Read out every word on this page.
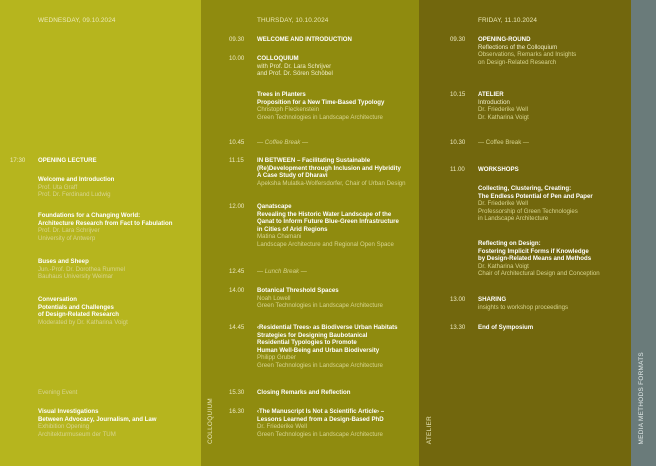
WEDNESDAY, 09.10.2024
17:30 OPENING LECTURE
Welcome and Introduction
Prof. Uta Graff
Prof. Dr. Ferdinand Ludwig
Foundations for a Changing World:
Architecture Research from Fact to Fabulation
Prof. Dr. Lara Schrijver
University of Antwerp
Buses and Sheep
Jun.-Prof. Dr. Dorothea Rummel
Bauhaus University Weimar
Conversation
Potentials and Challenges
of Design-Related Research
Moderated by Dr. Katharina Voigt
Evening Event
Visual Investigations
Between Advocacy, Journalism, and Law
Exhibition Opening
Architekturmuseum der TUM
THURSDAY, 10.10.2024
COLLOQUIUM
09.30 WELCOME AND INTRODUCTION
10.00 COLLOQUIUM
with Prof. Dr. Lara Schrijver
and Prof. Dr. Sören Schöbel
Trees in Planters
Proposition for a New Time-Based Typology
Christoph Fleckenstein
Green Technologies in Landscape Architecture
10.45 — Coffee Break —
11.15 IN BETWEEN – Facilitating Sustainable
(Re)Development through Inclusion and Hybridity
A Case Study of Dharavi
Apeksha Mulatka-Wolfersdorfer, Chair of Urban Design
12.00 Qanatscape
Revealing the Historic Water Landscape of the
Qanat to Inform Future Blue-Green Infrastructure
in Cities of Arid Regions
Matina Chamani
Landscape Architecture and Regional Open Space
12.45 — Lunch Break —
14.00 Botanical Threshold Spaces
Noah Lowell
Green Technologies in Landscape Architecture
14.45 ‹Residential Trees› as Biodiverse Urban Habitats
Strategies for Designing Baubotanical
Residential Typologies to Promote
Human Well-Being and Urban Biodiversity
Philipp Gruber
Green Technologies in Landscape Architecture
15.30 Closing Remarks and Reflection
16.30 ‹The Manuscript Is Not a Scientific Article› –
Lessons Learned from a Design-Based PhD
Dr. Friederike Well
Green Technologies in Landscape Architecture
FRIDAY, 11.10.2024
ATELIER
09.30 OPENING-ROUND
Reflections of the Colloquium
Observations, Remarks and Insights
on Design-Related Research
10.15 ATELIER
Introduction
Dr. Friederike Well
Dr. Katharina Voigt
10.30 — Coffee Break —
11.00 WORKSHOPS
Collecting, Clustering, Creating:
The Endless Potential of Pen and Paper
Dr. Friederike Well
Professorship of Green Technologies
in Landscape Architecture
Reflecting on Design:
Fostering Implicit Forms if Knowledge
by Design-Related Means and Methods
Dr. Katharina Voigt
Chair of Architectural Design and Conception
13.00 SHARING
insights to workshop proceedings
13.30 End of Symposium
MEDIA METHODS FORMATS
